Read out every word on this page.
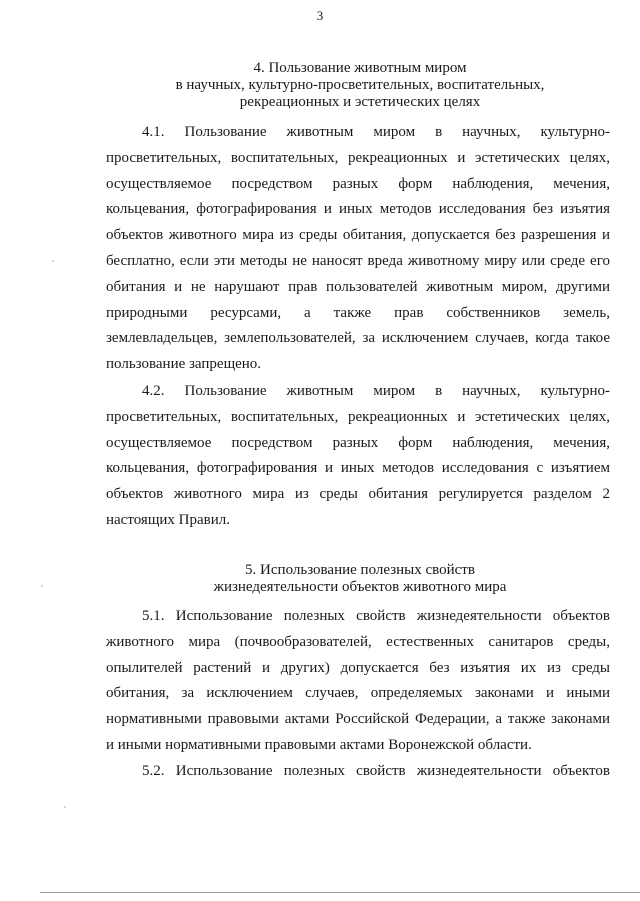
3
4. Пользование животным миром
в научных, культурно-просветительных, воспитательных,
рекреационных и эстетических целях
4.1. Пользование животным миром в научных, культурно-
просветительных, воспитательных, рекреационных и эстетических целях,
осуществляемое посредством разных форм наблюдения, мечения,
кольцевания, фотографирования и иных методов исследования без изъятия
объектов животного мира из среды обитания, допускается без разрешения и
бесплатно, если эти методы не наносят вреда животному миру или среде его
обитания и не нарушают прав пользователей животным миром, другими
природными ресурсами, а также прав собственников земель,
землевладельцев, землепользователей, за исключением случаев, когда такое
пользование запрещено.
4.2. Пользование животным миром в научных, культурно-
просветительных, воспитательных, рекреационных и эстетических целях,
осуществляемое посредством разных форм наблюдения, мечения,
кольцевания, фотографирования и иных методов исследования с изъятием
объектов животного мира из среды обитания регулируется разделом 2
настоящих Правил.
5. Использование полезных свойств
жизнедеятельности объектов животного мира
5.1. Использование полезных свойств жизнедеятельности объектов
животного мира (почвообразователей, естественных санитаров среды,
опылителей растений и других) допускается без изъятия их из среды
обитания, за исключением случаев, определяемых законами и иными
нормативными правовыми актами Российской Федерации, а также законами
и иными нормативными правовыми актами Воронежской области.
5.2. Использование полезных свойств жизнедеятельности объектов
